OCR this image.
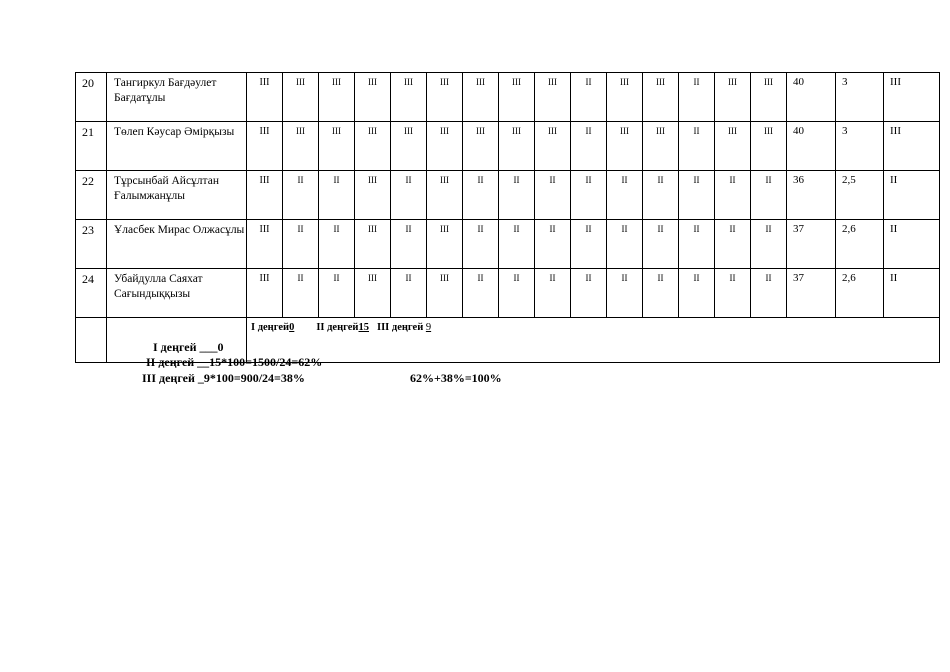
20	Тангиркул Бағдәулет Бағдатұлы	III	III	III	III	III	III	III	III	III	II	III	III	II	III	III	40	3	III
21	Төлеп Кәусар Әмірқызы	III	III	III	III	III	III	III	III	III	II	III	III	II	III	III	40	3	III
22	Тұрсынбай Айсұлтан Ғалымжанұлы	III	II	II	III	II	III	II	II	II	II	II	II	II	II	II	36	2,5	II
23	Ұласбек Мирас Олжасұлы	III	II	II	III	II	III	II	II	II	II	II	II	II	II	II	37	2,6	II
24	Убайдулла Саяхат Сағындыққызы	III	II	II	III	II	III	II	II	II	II	II	II	II	II	II	37	2,6	II
		I деңгей0 II деңгей15 III деңгей 9																	
I деңгей ___0
II деңгей __15*100=1500/24=62%
III деңгей _9*100=900/24=38%	62%+38%=100%
